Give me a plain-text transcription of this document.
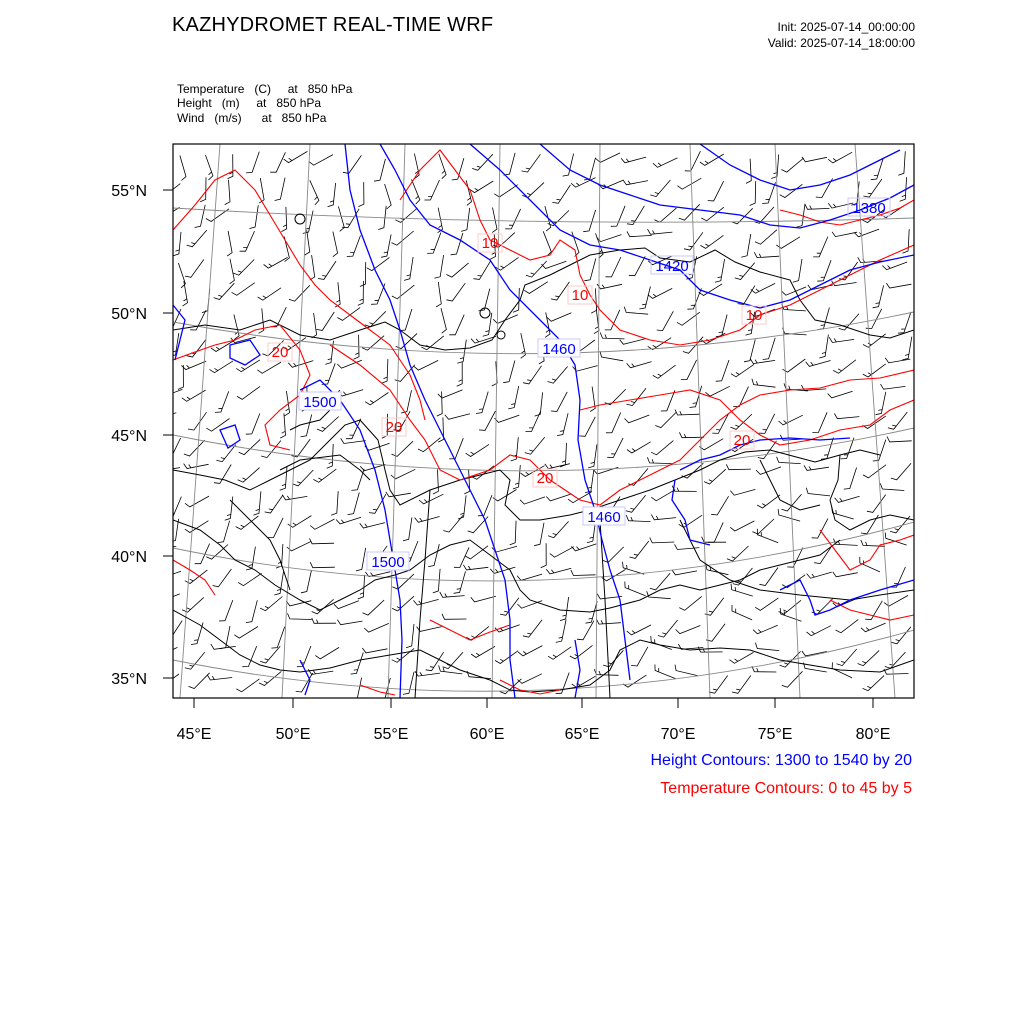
KAZHYDROMET REAL-TIME WRF	Init: 2025-07-14_00:00:00
Valid: 2025-07-14_18:00:00
Temperature   (C)     at   850 hPa
Height   (m)     at   850 hPa
Wind   (m/s)      at   850 hPa
55°N
50°N
45°N
40°N
35°N
45°E	50°E	55°E	60°E	65°E	70°E	75°E	80°E
1380
1420
1460
1500
1500
1460
10
10
10
20
20
20
20
Height Contours: 1300 to 1540 by 20
Temperature Contours: 0 to 45 by 5
